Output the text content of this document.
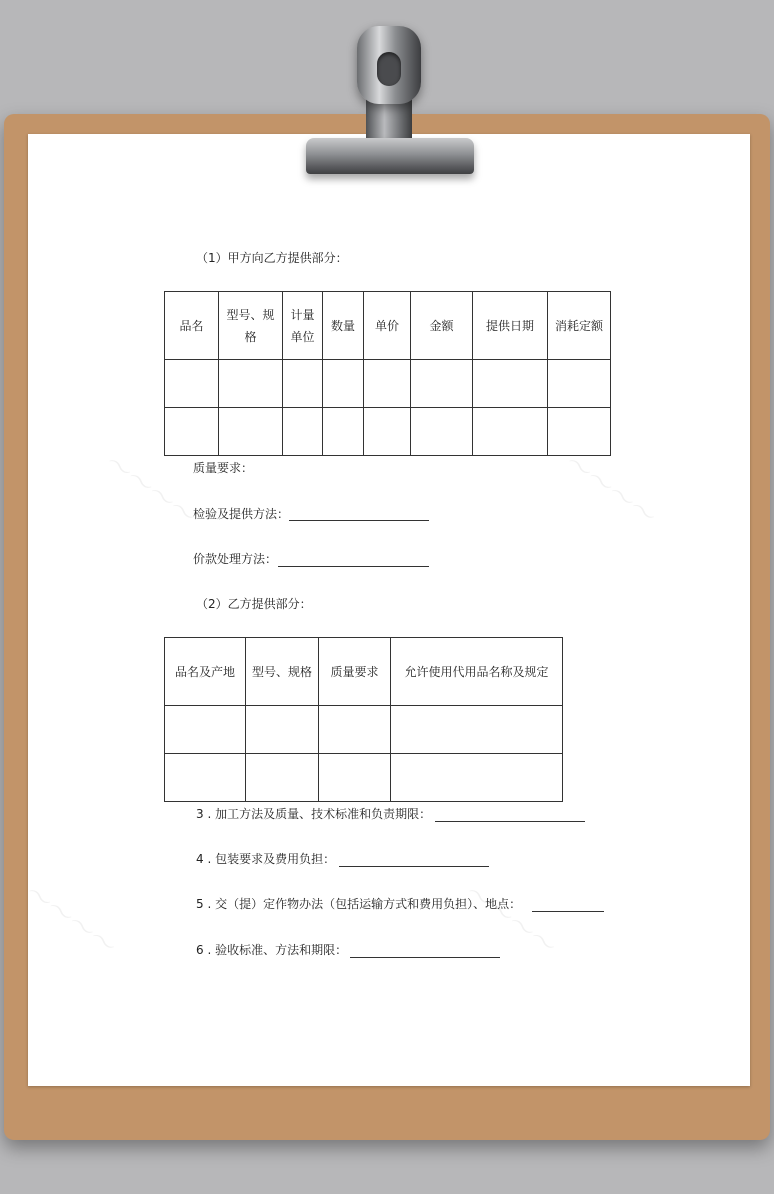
～～～～	～～～～
～～～～	～～～～
（1）甲方向乙方提供部分：
品名	型号、规格	计量单位	数量	单价	金额	提供日期	消耗定额

质量要求：
检验及提供方法：
价款处理方法：
（2）乙方提供部分：
品名及产地	型号、规格	质量要求	允许使用代用品名称及规定

3 . 加工方法及质量、技术标准和负责期限：
4 . 包装要求及费用负担：
5 . 交（提）定作物办法（包括运输方式和费用负担）、地点：
6 . 验收标准、方法和期限：
